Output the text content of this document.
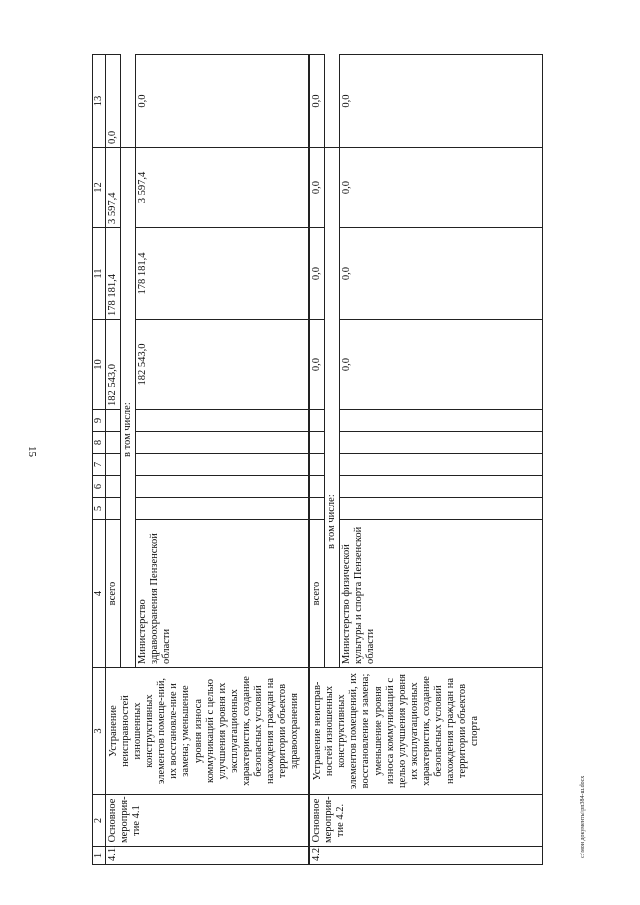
15
1	2	3	4	5	6	7	8	9	10	11	12	13
4.1.	Основное мероприя-тие 4.1	Устранение неисправностей изношенных конструктивных элементов помеще-ний, их восстановле-ние и замена; уменьшение уровня износа коммуникаций с целью улучшения уровня их эксплуатационных характеристик, создание безопасных условий нахождения граждан на территории объектов здравоохранения	всего						182 543,0	178 181,4	3 597,4	0,0
			в том числе:									
			Министерство здравоохранения Пензенской области						182 543,0	178 181,4	3 597,4	0,0
4.2.	Основное мероприя-тие 4.2.	Устранение неисправ-ностей изношенных конструктивных элементов помещений, их восстановление и замена; уменьшение уровня износа коммуникаций с целью улучшения уровня их эксплуатационных характеристик, создание безопасных условий нахождения граждан на территории объектов спорта	всего						0,0	0,0	0,0	0,0
			в том числе:									
			Министерство физической культуры и спорта Пензенской области						0,0	0,0	0,0	0,0
c:\мои документы\рп384-ш.docx
